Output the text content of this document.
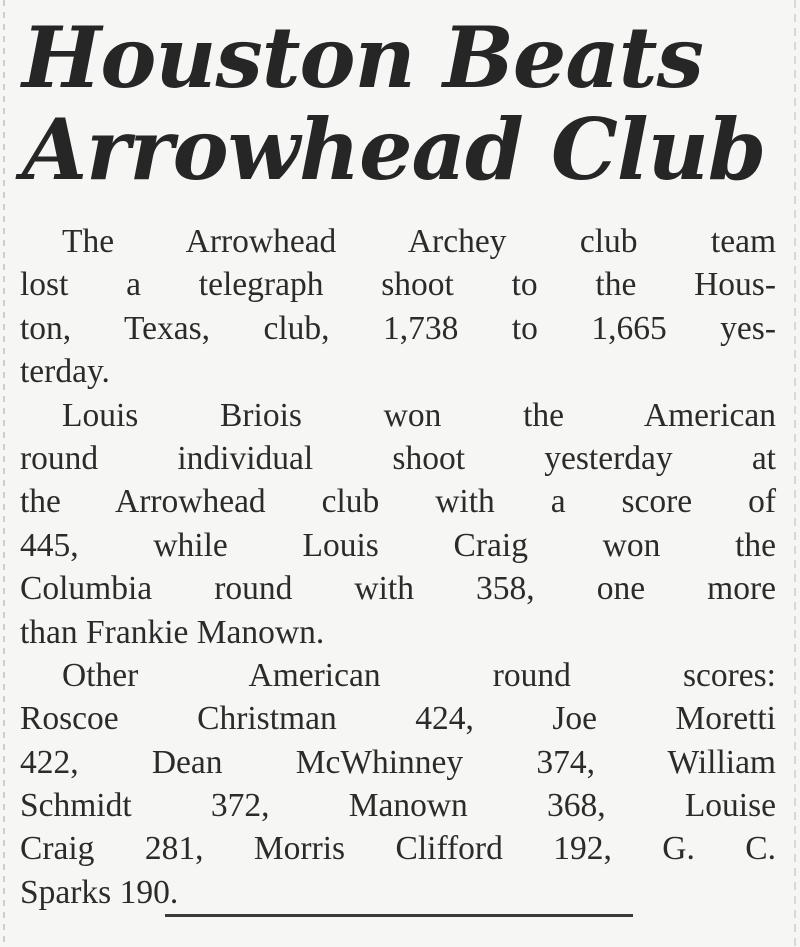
Houston Beats
Arrowhead Club
The Arrowhead Archey club team
lost a telegraph shoot to the Hous-
ton, Texas, club, 1,738 to 1,665 yes-
terday.
Louis Briois won the American
round individual shoot yesterday at
the Arrowhead club with a score of
445, while Louis Craig won the
Columbia round with 358, one more
than Frankie Manown.
Other American round scores:
Roscoe Christman 424, Joe Moretti
422, Dean McWhinney 374, William
Schmidt 372, Manown 368, Louise
Craig 281, Morris Clifford 192, G. C.
Sparks 190.
